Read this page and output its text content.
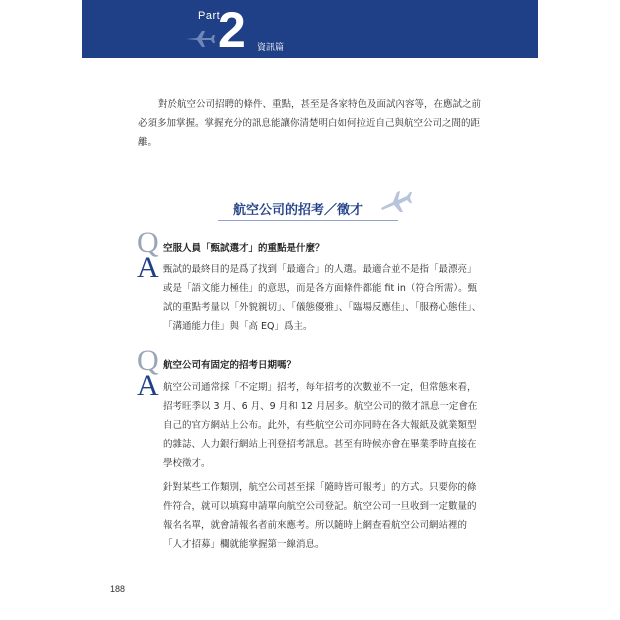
Part
2 資訊篇

對於航空公司招聘的條件、重點，甚至是各家特色及面試內容等，在應試之前必須多加掌握。掌握充分的訊息能讓你清楚明白如何拉近自己與航空公司之間的距離。

航空公司的招考／徵才
Q 空服人員「甄試選才」的重點是什麼？
A 甄試的最終目的是爲了找到「最適合」的人選。最適合並不是指「最漂亮」或是「語文能力極佳」的意思，而是各方面條件都能 fit in（符合所需）。甄試的重點考量以「外貌親切」、「儀態優雅」、「臨場反應佳」、「服務心態佳」、「溝通能力佳」與「高 EQ」爲主。

Q 航空公司有固定的招考日期嗎？
A 航空公司通常採「不定期」招考，每年招考的次數並不一定，但常態來看，招考旺季以 3 月、6 月、9 月和 12 月居多。航空公司的徵才訊息一定會在自己的官方網站上公布。此外，有些航空公司亦同時在各大報紙及就業類型的雜誌、人力銀行網站上刊登招考訊息。甚至有時候亦會在畢業季時直接在學校徵才。

針對某些工作類別，航空公司甚至採「隨時皆可報考」的方式。只要你的條件符合，就可以填寫申請單向航空公司登記。航空公司一旦收到一定數量的報名名單，就會請報名者前來應考。所以隨時上網查看航空公司網站裡的「人才招募」欄就能掌握第一線消息。

188
